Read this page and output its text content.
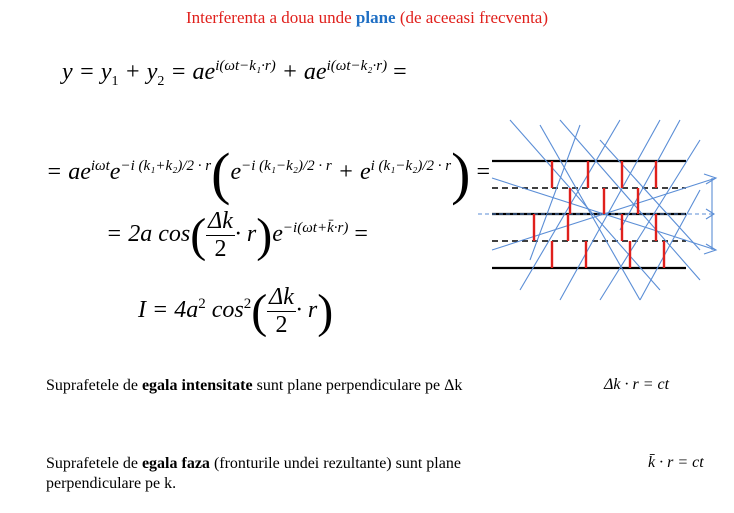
Interferenta a doua unde plane (de aceeasi frecventa)
$y = y_1 + y_2 = ae^{i(\omega t-k_1\cdot r)} + ae^{i(\omega t-k_2\cdot r)}$ =
= $ae^{i\omega t}e^{-i (k_1+k_2)/2 \cdot r}(e^{-i (k_1-k_2)/2 \cdot r} + e^{i (k_1-k_2)/2 \cdot r})$ =
= 2a $\cos( \frac{\Delta k}{2} \cdot r)e^{-i(\omega t+k̄\cdot r)}$ =
$I = 4a^2$ $\cos^2( \frac{\Delta k}{2} \cdot r)$
Suprafetele de egala intensitate sunt plane perpendiculare pe Δk	Δk · r = ct
Suprafetele de egala faza (fronturile undei rezultante) sunt plane
perpendiculare pe k.
k̄ · r = ct
